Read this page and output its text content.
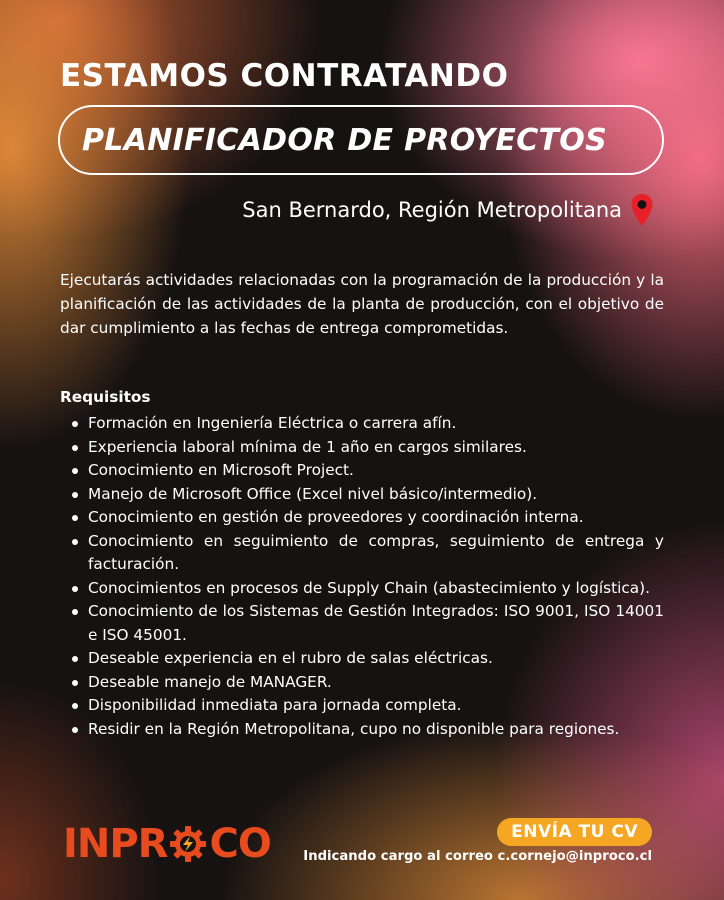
ESTAMOS CONTRATANDO
PLANIFICADOR DE PROYECTOS
San Bernardo, Región Metropolitana

Ejecutarás actividades relacionadas con la programación de la producción y la planificación de las actividades de la planta de producción, con el objetivo de dar cumplimiento a las fechas de entrega comprometidas.

Requisitos
Formación en Ingeniería Eléctrica o carrera afín.
Experiencia laboral mínima de 1 año en cargos similares.
Conocimiento en Microsoft Project.
Manejo de Microsoft Office (Excel nivel básico/intermedio).
Conocimiento en gestión de proveedores y coordinación interna.
Conocimiento en seguimiento de compras, seguimiento de entrega y facturación.
Conocimientos en procesos de Supply Chain (abastecimiento y logística).
Conocimiento de los Sistemas de Gestión Integrados: ISO 9001, ISO 14001 e ISO 45001.
Deseable experiencia en el rubro de salas eléctricas.
Deseable manejo de MANAGER.
Disponibilidad inmediata para jornada completa.
Residir en la Región Metropolitana, cupo no disponible para regiones.
INPR CO	ENVÍA TU CV
Indicando cargo al correo c.cornejo@inproco.cl
